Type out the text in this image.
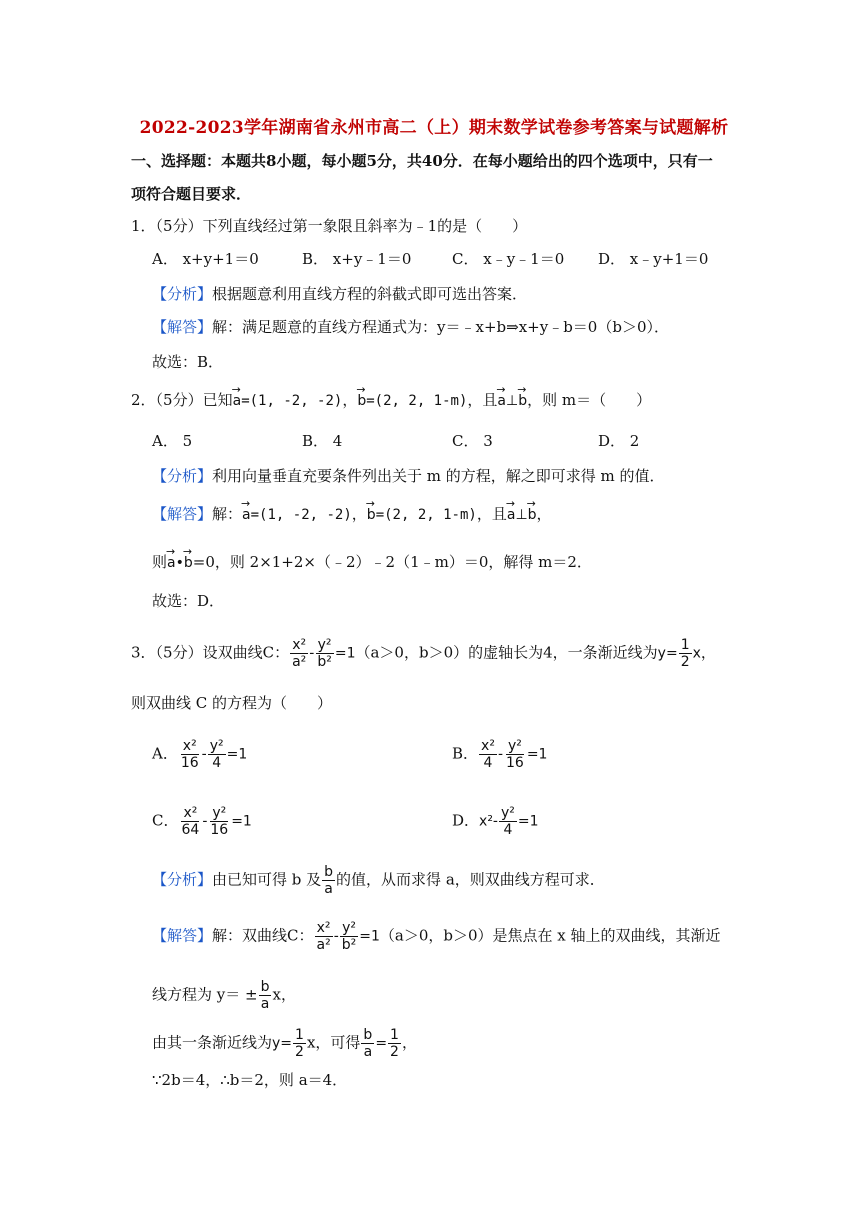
2022-2023学年湖南省永州市高二（上）期末数学试卷参考答案与试题解析
一、选择题：本题共8小题，每小题5分，共40分．在每小题给出的四个选项中，只有一
项符合题目要求．
1．（5分）下列直线经过第一象限且斜率为﹣1的是（　　）
A． x+y+1＝0	B． x+y﹣1＝0	C． x﹣y﹣1＝0 D． x﹣y+1＝0
【分析】根据题意利用直线方程的斜截式即可选出答案．
【解答】解：满足题意的直线方程通式为：y＝﹣x+b⇒x+y﹣b＝0（b＞0）．
故选：B．
2．（5分）已知→ a=(1, -2, -2)，→ b=(2, 2, 1-m)，且→ a⊥→ b，则 m＝（　　）
A． 5	B． 4	C． 3	D． 2
【分析】利用向量垂直充要条件列出关于 m 的方程，解之即可求得 m 的值．
【解答】解：→ a=(1, -2, -2)，→ b=(2, 2, 1-m)，且→ a⊥→ b，
则→ a•→ b=0，则 2×1+2×（﹣2）﹣2（1﹣m）＝0，解得 m＝2．
故选：D．
3．（5分）设双曲线C： $\frac{\text{x²}}{\text{a²}} - \frac{\text{y²}}{\text{b²}} =1(a>0$，b＞0）的虚轴长为4，一条渐近线为$y= \frac{1}{2}$ x，
则双曲线 C 的方程为（　　）
A． $\frac{\text{x²}}{16} - \frac{\text{y²}}{4} =1$	B． $\frac{\text{x²}}{4} - \frac{\text{y²}}{16} =1$
C． $\frac{\text{x²}}{64} - \frac{\text{y²}}{16} =1$	D．$x^2- \frac{\text{y²}}{4} =1$
【分析】由已知可得 b 及 $\frac{b}{a}$ 的值，从而求得 a，则双曲线方程可求．
【解答】解：双曲线C： $\frac{\text{x²}}{\text{a²}} - \frac{\text{y²}}{\text{b²}} =1(a>0$，b＞0）是焦点在 x 轴上的双曲线，其渐近
线方程为 $y= \pm \frac{b}{a}$ x，
由其一条渐近线为$y= \frac{1}{2}$ x，可得 $\frac{b}{a} = \frac{1}{2}$ ，
∵2b＝4，∴b＝2，则 a＝4．
